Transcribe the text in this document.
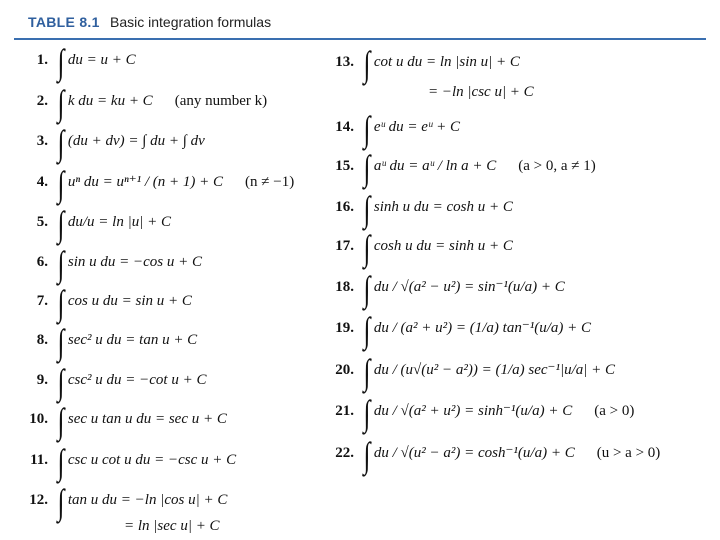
TABLE 8.1 Basic integration formulas
1. ∫ du = u + C
2. ∫ k du = ku + C (any number k)
3. ∫ (du + dv) = ∫ du + ∫ dv
4. ∫ uⁿ du = uⁿ⁺¹ / (n + 1) + C (n ≠ −1)
5. ∫ du/u = ln |u| + C
6. ∫ sin u du = −cos u + C
7. ∫ cos u du = sin u + C
8. ∫ sec² u du = tan u + C
9. ∫ csc² u du = −cot u + C
10. ∫ sec u tan u du = sec u + C
11. ∫ csc u cot u du = −csc u + C
12. ∫ tan u du = −ln |cos u| + C
= ln |sec u| + C
13. ∫ cot u du = ln |sin u| + C
= −ln |csc u| + C
14. ∫ eᵘ du = eᵘ + C
15. ∫ aᵘ du = aᵘ / ln a + C (a > 0, a ≠ 1)
16. ∫ sinh u du = cosh u + C
17. ∫ cosh u du = sinh u + C
18. ∫ du / √(a² − u²) = sin⁻¹(u/a) + C
19. ∫ du / (a² + u²) = (1/a) tan⁻¹(u/a) + C
20. ∫ du / (u√(u² − a²)) = (1/a) sec⁻¹|u/a| + C
21. ∫ du / √(a² + u²) = sinh⁻¹(u/a) + C (a > 0)
22. ∫ du / √(u² − a²) = cosh⁻¹(u/a) + C (u > a > 0)
